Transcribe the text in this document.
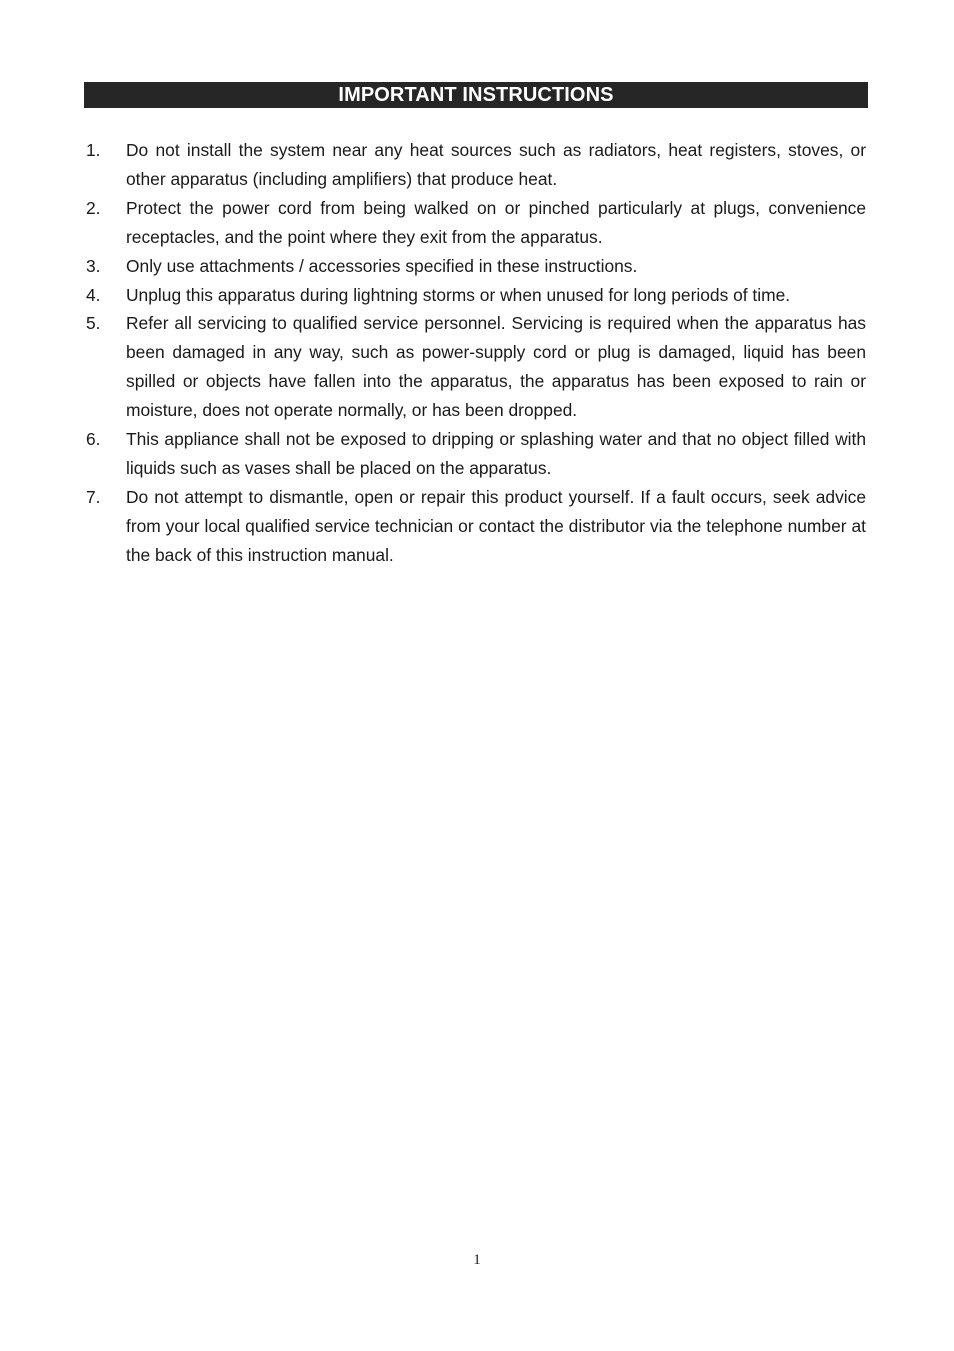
IMPORTANT INSTRUCTIONS
1. Do not install the system near any heat sources such as radiators, heat registers, stoves, or other apparatus (including amplifiers) that produce heat.
2. Protect the power cord from being walked on or pinched particularly at plugs, convenience receptacles, and the point where they exit from the apparatus.
3. Only use attachments / accessories specified in these instructions.
4. Unplug this apparatus during lightning storms or when unused for long periods of time.
5. Refer all servicing to qualified service personnel. Servicing is required when the apparatus has been damaged in any way, such as power-supply cord or plug is damaged, liquid has been spilled or objects have fallen into the apparatus, the apparatus has been exposed to rain or moisture, does not operate normally, or has been dropped.
6. This appliance shall not be exposed to dripping or splashing water and that no object filled with liquids such as vases shall be placed on the apparatus.
7. Do not attempt to dismantle, open or repair this product yourself. If a fault occurs, seek advice from your local qualified service technician or contact the distributor via the telephone number at the back of this instruction manual.
1
